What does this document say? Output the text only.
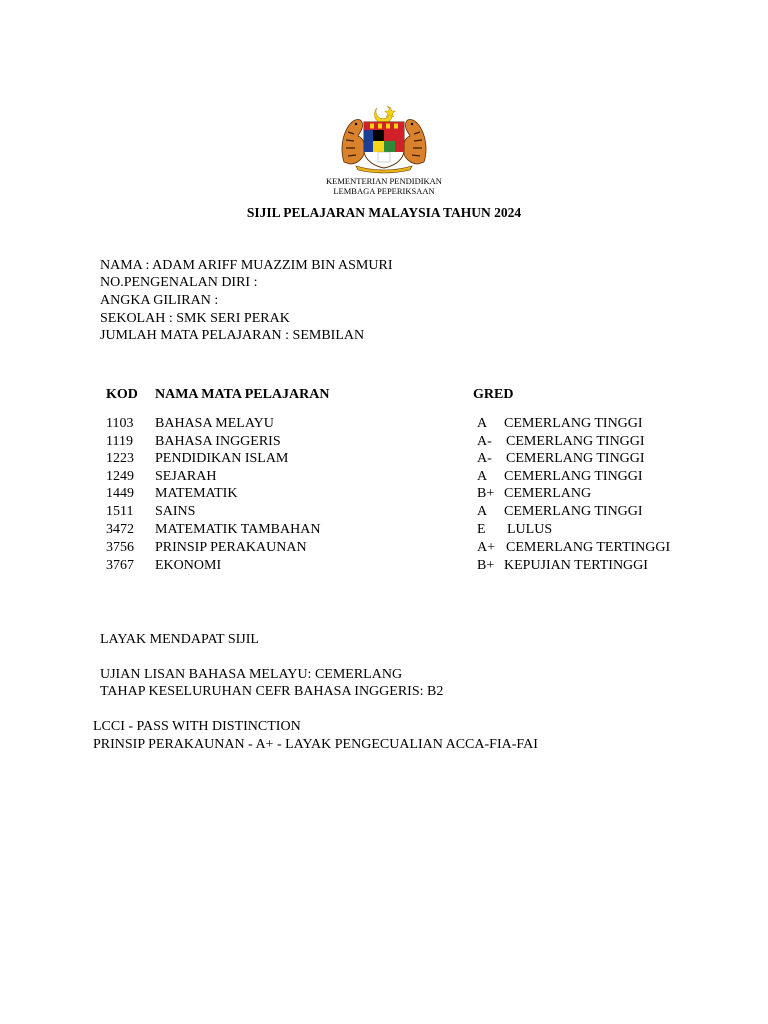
KEMENTERIAN PENDIDIKAN
LEMBAGA PEPERIKSAAN
SIJIL PELAJARAN MALAYSIA TAHUN 2024
NAMA : ADAM ARIFF MUAZZIM BIN ASMURI
NO.PENGENALAN DIRI :
ANGKA GILIRAN :
SEKOLAH : SMK SERI PERAK
JUMLAH MATA PELAJARAN : SEMBILAN
KOD NAMA MATA PELAJARAN	GRED
1103 BAHASA MELAYU	A CEMERLANG TINGGI
1119 BAHASA INGGERIS	A- CEMERLANG TINGGI
1223 PENDIDIKAN ISLAM	A- CEMERLANG TINGGI
1249 SEJARAH	A CEMERLANG TINGGI
1449 MATEMATIK	B+ CEMERLANG
1511 SAINS	A CEMERLANG TINGGI
3472 MATEMATIK TAMBAHAN	E LULUS
3756 PRINSIP PERAKAUNAN	A+ CEMERLANG TERTINGGI
3767 EKONOMI	B+ KEPUJIAN TERTINGGI
LAYAK MENDAPAT SIJIL
UJIAN LISAN BAHASA MELAYU: CEMERLANG
TAHAP KESELURUHAN CEFR BAHASA INGGERIS: B2
LCCI - PASS WITH DISTINCTION
PRINSIP PERAKAUNAN - A+ - LAYAK PENGECUALIAN ACCA-FIA-FAI
